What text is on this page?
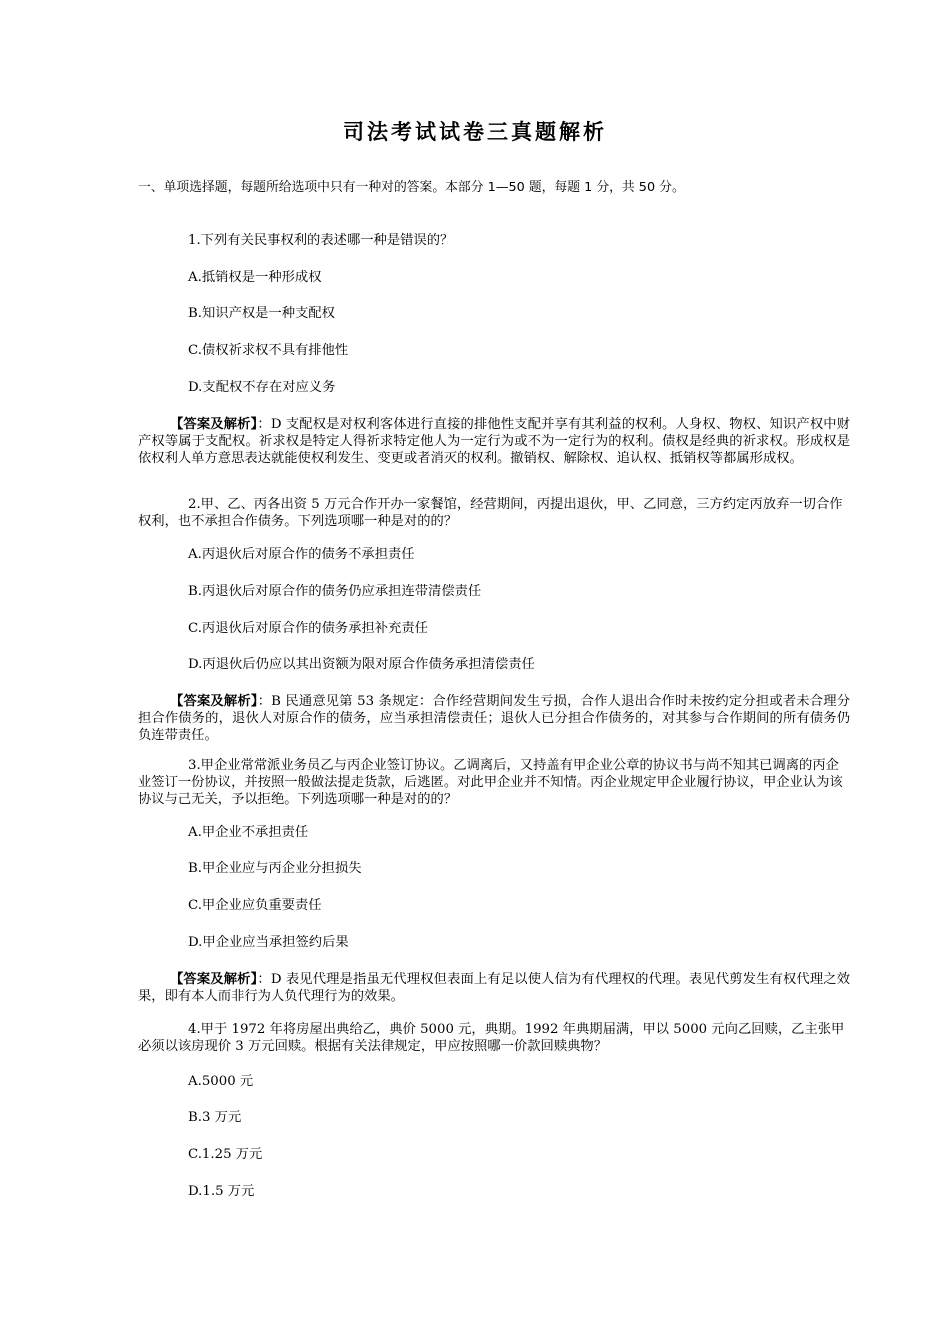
司法考试试卷三真题解析
一、单项选择题，每题所给选项中只有一种对的答案。本部分 1—50 题，每题 1 分，共 50 分。
1.下列有关民事权利的表述哪一种是错误的？
A.抵销权是一种形成权
B.知识产权是一种支配权
C.债权祈求权不具有排他性
D.支配权不存在对应义务
【答案及解析】：D 支配权是对权利客体进行直接的排他性支配并享有其利益的权利。人身权、物权、知识产权中财产权等属于支配权。祈求权是特定人得祈求特定他人为一定行为或不为一定行为的权利。债权是经典的祈求权。形成权是依权利人单方意思表达就能使权利发生、变更或者消灭的权利。撤销权、解除权、追认权、抵销权等都属形成权。
2.甲、乙、丙各出资 5 万元合作开办一家餐馆，经营期间，丙提出退伙，甲、乙同意，三方约定丙放弃一切合作权利，也不承担合作债务。下列选项哪一种是对的的？
A.丙退伙后对原合作的债务不承担责任
B.丙退伙后对原合作的债务仍应承担连带清偿责任
C.丙退伙后对原合作的债务承担补充责任
D.丙退伙后仍应以其出资额为限对原合作债务承担清偿责任
【答案及解析】：B 民通意见第 53 条规定：合作经营期间发生亏损，合作人退出合作时未按约定分担或者未合理分担合作债务的，退伙人对原合作的债务，应当承担清偿责任；退伙人已分担合作债务的，对其参与合作期间的所有债务仍负连带责任。
3.甲企业常常派业务员乙与丙企业签订协议。乙调离后，又持盖有甲企业公章的协议书与尚不知其已调离的丙企业签订一份协议，并按照一般做法提走货款，后逃匿。对此甲企业并不知情。丙企业规定甲企业履行协议，甲企业认为该协议与己无关，予以拒绝。下列选项哪一种是对的的？
A.甲企业不承担责任
B.甲企业应与丙企业分担损失
C.甲企业应负重要责任
D.甲企业应当承担签约后果
【答案及解析】：D 表见代理是指虽无代理权但表面上有足以使人信为有代理权的代理。表见代剪发生有权代理之效果，即有本人而非行为人负代理行为的效果。
4.甲于 1972 年将房屋出典给乙，典价 5000 元，典期。1992 年典期届满，甲以 5000 元向乙回赎，乙主张甲必须以该房现价 3 万元回赎。根据有关法律规定，甲应按照哪一价款回赎典物？
A.5000 元
B.3 万元
C.1.25 万元
D.1.5 万元
